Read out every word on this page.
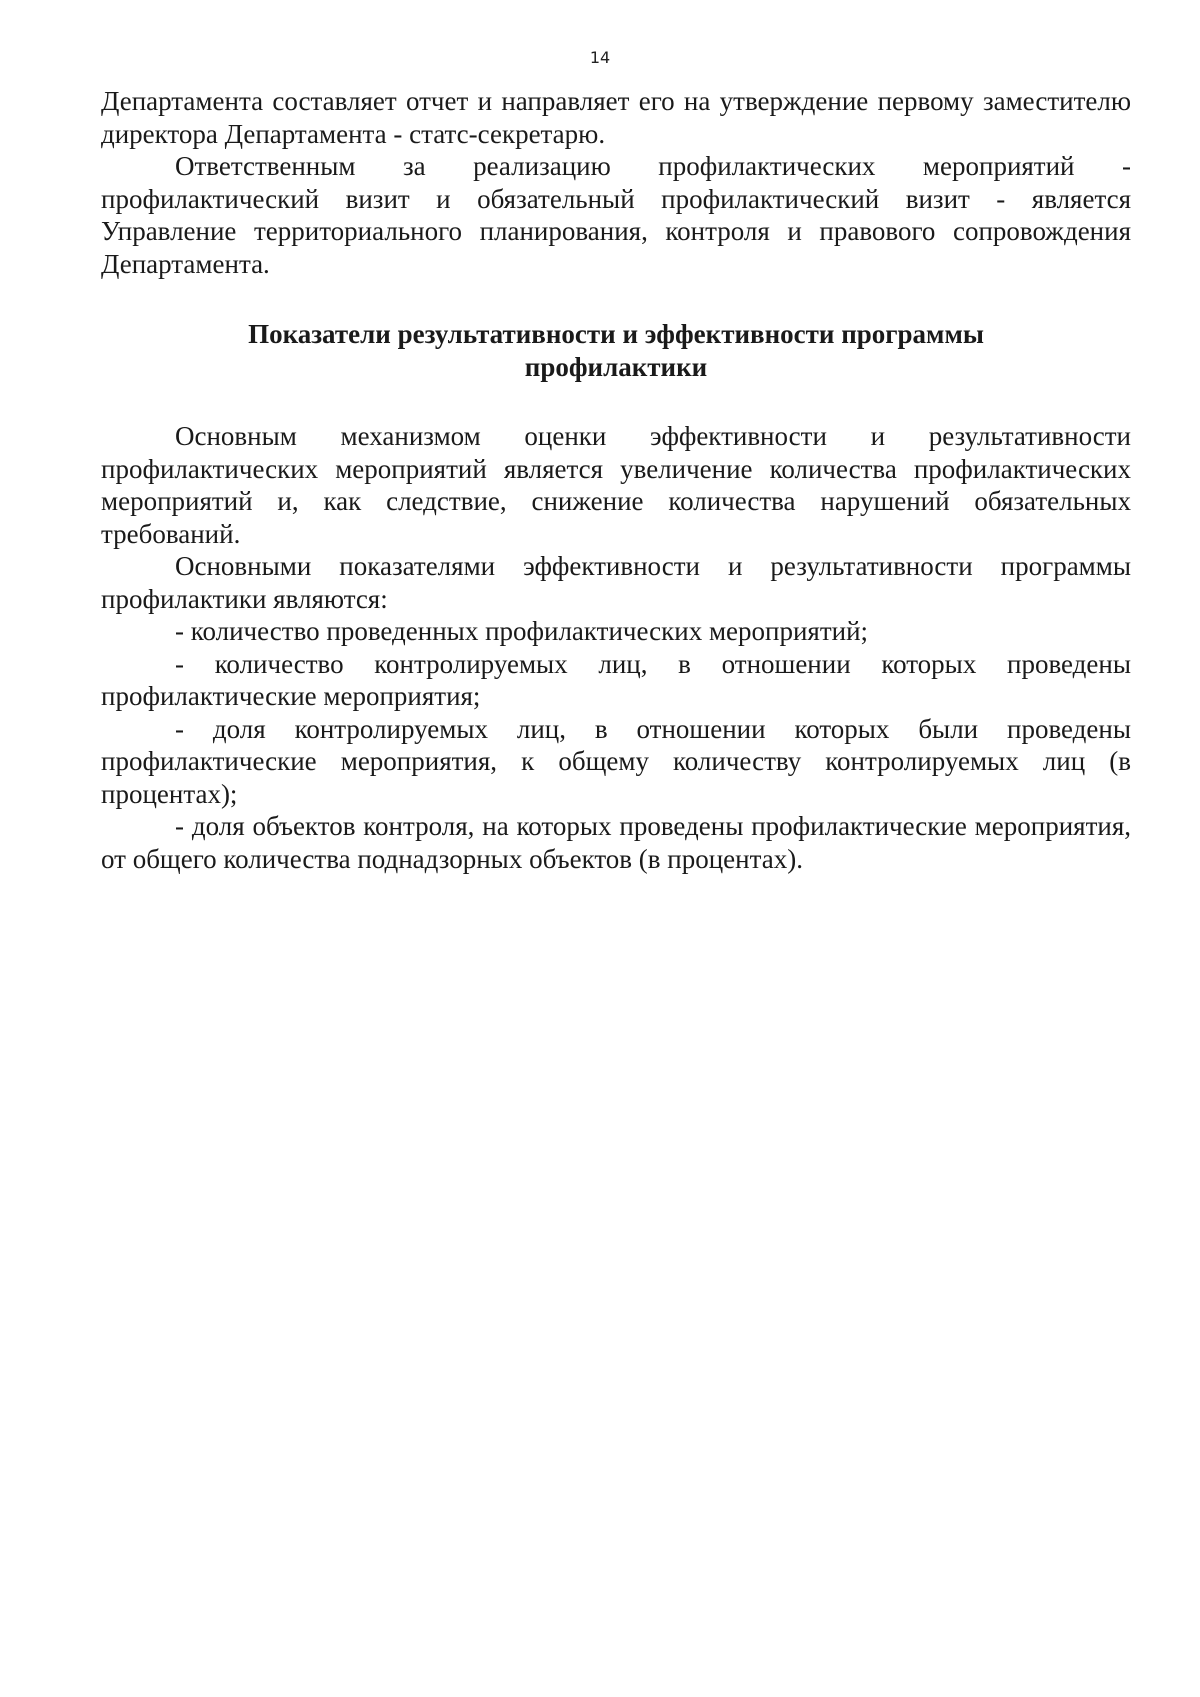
14

Департамента составляет отчет и направляет его на утверждение первому заместителю директора Департамента - статс-секретарю.

Ответственным за реализацию профилактических мероприятий - профилактический визит и обязательный профилактический визит - является Управление территориального планирования, контроля и правового сопровождения Департамента.

Показатели результативности и эффективности программы
профилактики

Основным механизмом оценки эффективности и результативности профилактических мероприятий является увеличение количества профилактических мероприятий и, как следствие, снижение количества нарушений обязательных требований.

Основными показателями эффективности и результативности программы профилактики являются:

- количество проведенных профилактических мероприятий;

- количество контролируемых лиц, в отношении которых проведены профилактические мероприятия;

- доля контролируемых лиц, в отношении которых были проведены профилактические мероприятия, к общему количеству контролируемых лиц (в процентах);

- доля объектов контроля, на которых проведены профилактические мероприятия, от общего количества поднадзорных объектов (в процентах).
